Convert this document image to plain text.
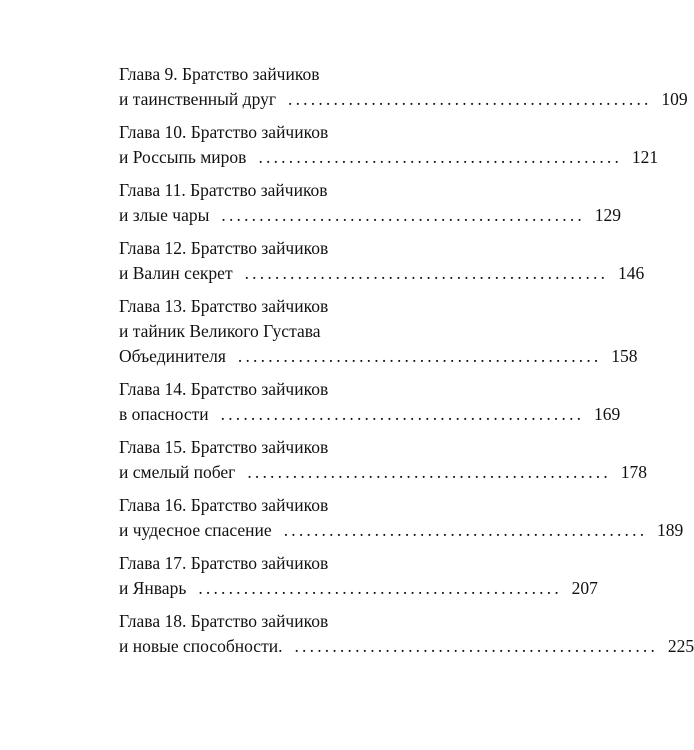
Глава 9. Братство зайчиков
и таинственный друг ................................................ 109
Глава 10. Братство зайчиков
и Россыпь миров ................................................ 121
Глава 11. Братство зайчиков
и злые чары ................................................ 129
Глава 12. Братство зайчиков
и Валин секрет ................................................ 146
Глава 13. Братство зайчиков
и тайник Великого Густава
Объединителя ................................................ 158
Глава 14. Братство зайчиков
в опасности ................................................ 169
Глава 15. Братство зайчиков
и смелый побег ................................................ 178
Глава 16. Братство зайчиков
и чудесное спасение ................................................ 189
Глава 17. Братство зайчиков
и Январь ................................................ 207
Глава 18. Братство зайчиков
и новые способности. ................................................ 225
